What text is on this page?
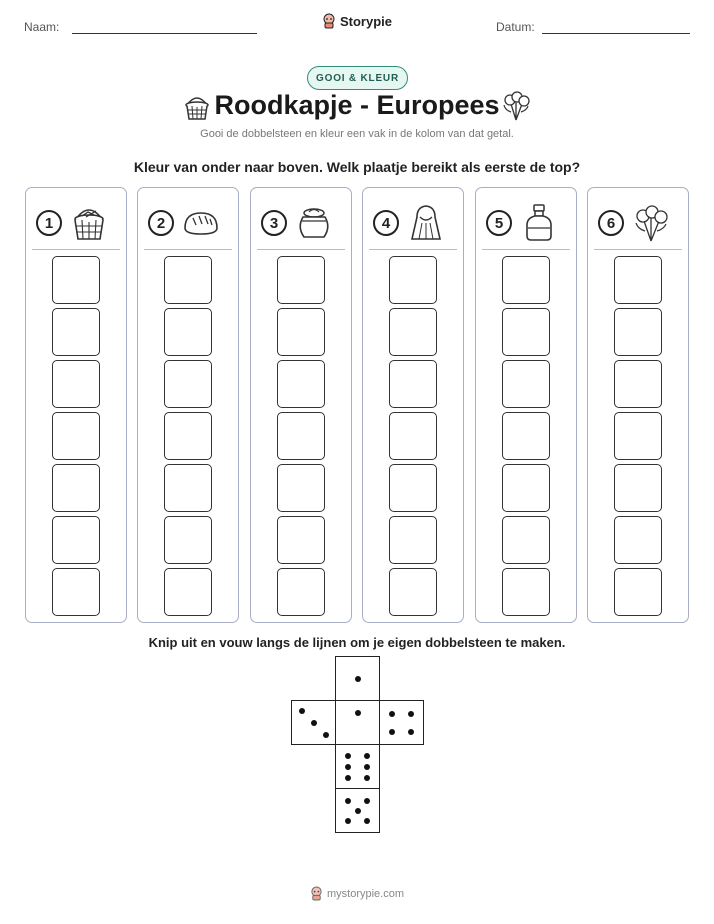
Naam:	Datum:
Storypie
GOOI & KLEUR
Roodkapje - Europees
Gooi de dobbelsteen en kleur een vak in de kolom van dat getal.
Kleur van onder naar boven. Welk plaatje bereikt als eerste de top?
1	2	3	4	5	6
Knip uit en vouw langs de lijnen om je eigen dobbelsteen te maken.
mystorypie.com
